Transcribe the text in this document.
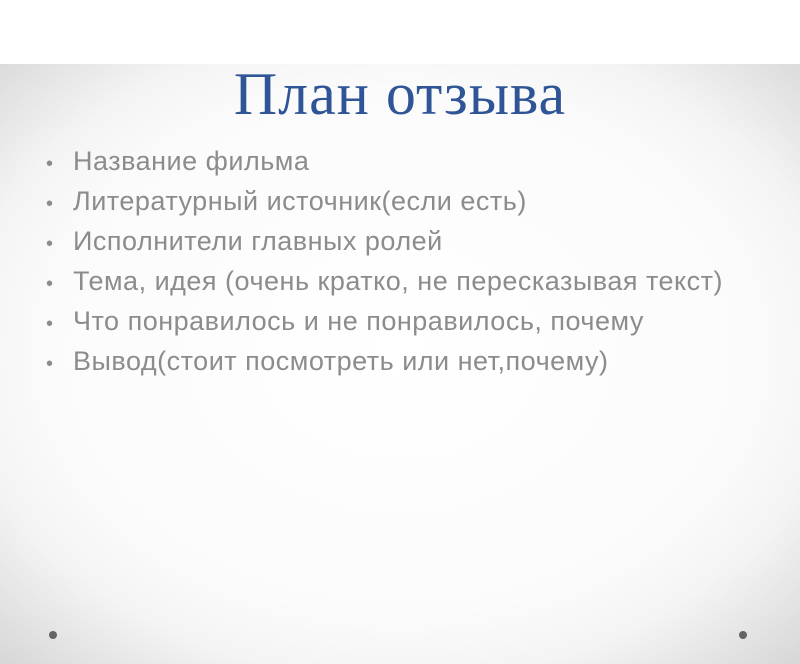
План отзыва
• Название фильма
• Литературный источник(если есть)
• Исполнители главных ролей
• Тема, идея (очень кратко, не пересказывая текст)
• Что понравилось и не понравилось, почему
• Вывод(стоит посмотреть или нет,почему)
